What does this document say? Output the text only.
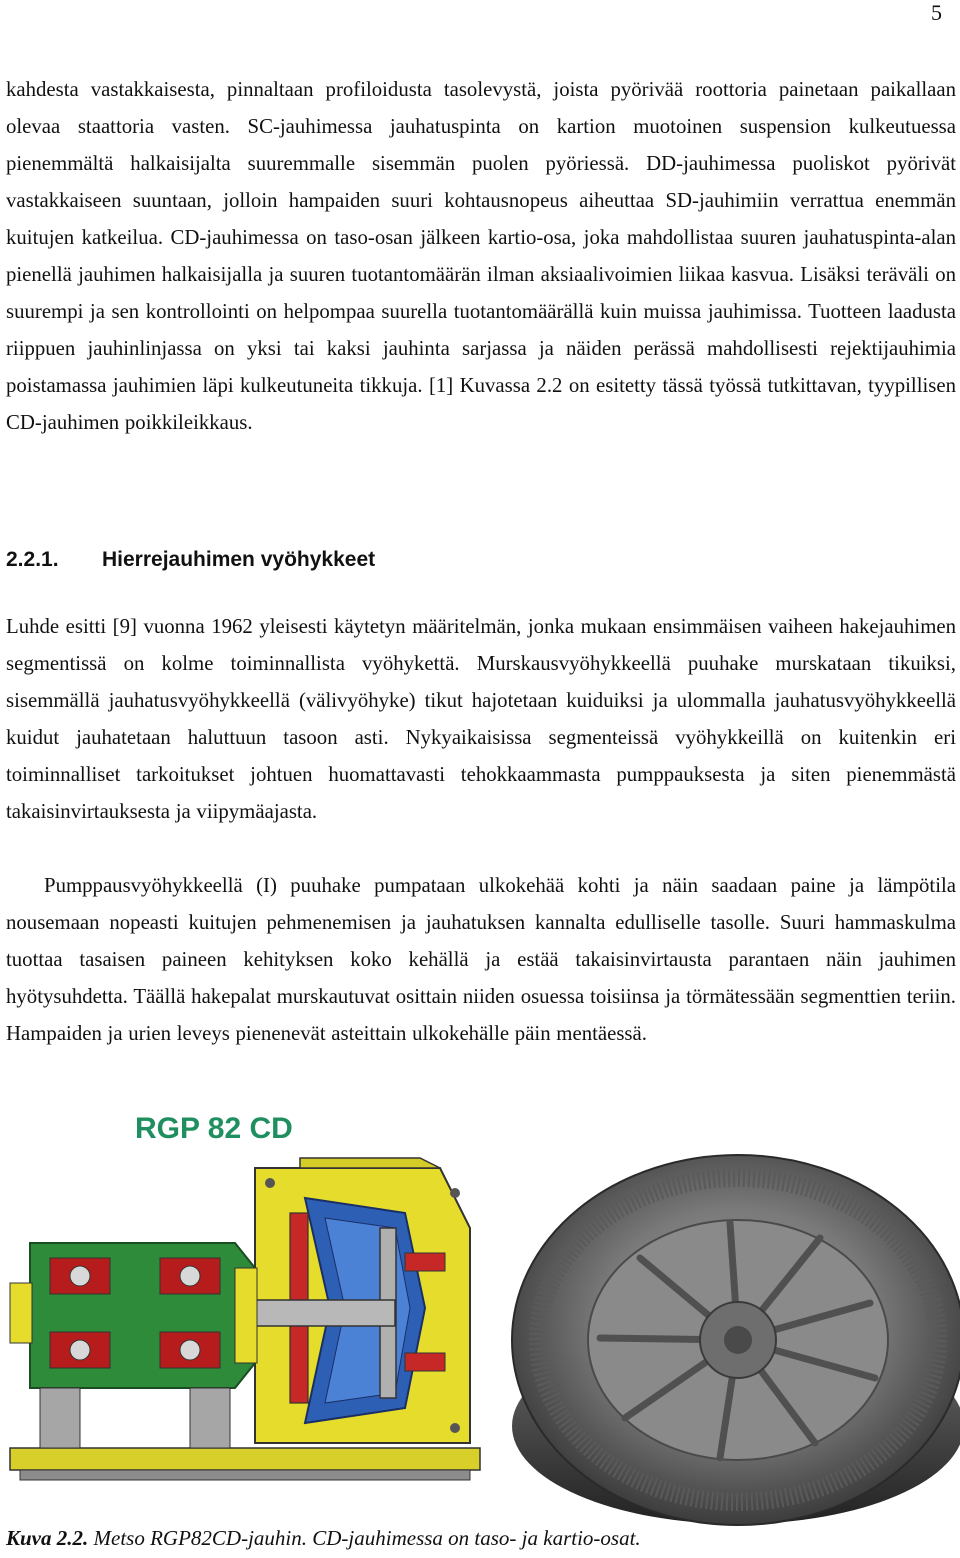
5

kahdesta vastakkaisesta, pinnaltaan profiloidusta tasolevystä, joista pyörivää roottoria painetaan paikallaan olevaa staattoria vasten. SC-jauhimessa jauhatuspinta on kartion muotoinen suspension kulkeutuessa pienemmältä halkaisijalta suuremmalle sisemmän puolen pyöriessä. DD-jauhimessa puoliskot pyörivät vastakkaiseen suuntaan, jolloin hampaiden suuri kohtausnopeus aiheuttaa SD-jauhimiin verrattua enemmän kuitujen katkeilua. CD-jauhimessa on taso-osan jälkeen kartio-osa, joka mahdollistaa suuren jauhatuspinta-alan pienellä jauhimen halkaisijalla ja suuren tuotantomäärän ilman aksiaalivoimien liikaa kasvua. Lisäksi teräväli on suurempi ja sen kontrollointi on helpompaa suurella tuotantomäärällä kuin muissa jauhimissa. Tuotteen laadusta riippuen jauhinlinjassa on yksi tai kaksi jauhinta sarjassa ja näiden perässä mahdollisesti rejektijauhimia poistamassa jauhimien läpi kulkeutuneita tikkuja. [1] Kuvassa 2.2 on esitetty tässä työssä tutkittavan, tyypillisen CD-jauhimen poikkileikkaus.

2.2.1. Hierrejauhimen vyöhykkeet

Luhde esitti [9] vuonna 1962 yleisesti käytetyn määritelmän, jonka mukaan ensimmäisen vaiheen hakejauhimen segmentissä on kolme toiminnallista vyöhykettä. Murskausvyöhykkeellä puuhake murskataan tikuiksi, sisemmällä jauhatusvyöhykkeellä (välivyöhyke) tikut hajotetaan kuiduiksi ja ulommalla jauhatusvyöhykkeellä kuidut jauhatetaan haluttuun tasoon asti. Nykyaikaisissa segmenteissä vyöhykkeillä on kuitenkin eri toiminnalliset tarkoitukset johtuen huomattavasti tehokkaammasta pumppauksesta ja siten pienemmästä takaisinvirtauksesta ja viipymäajasta.

Pumppausvyöhykkeellä (I) puuhake pumpataan ulkokehää kohti ja näin saadaan paine ja lämpötila nousemaan nopeasti kuitujen pehmenemisen ja jauhatuksen kannalta edulliselle tasolle. Suuri hammaskulma tuottaa tasaisen paineen kehityksen koko kehällä ja estää takaisinvirtausta parantaen näin jauhimen hyötysuhdetta. Täällä hakepalat murskautuvat osittain niiden osuessa toisiinsa ja törmätessään segmenttien teriin. Hampaiden ja urien leveys pienenevät asteittain ulkokehälle päin mentäessä.

RGP 82 CD

Kuva 2.2. Metso RGP82CD-jauhin. CD-jauhimessa on taso- ja kartio-osat.
